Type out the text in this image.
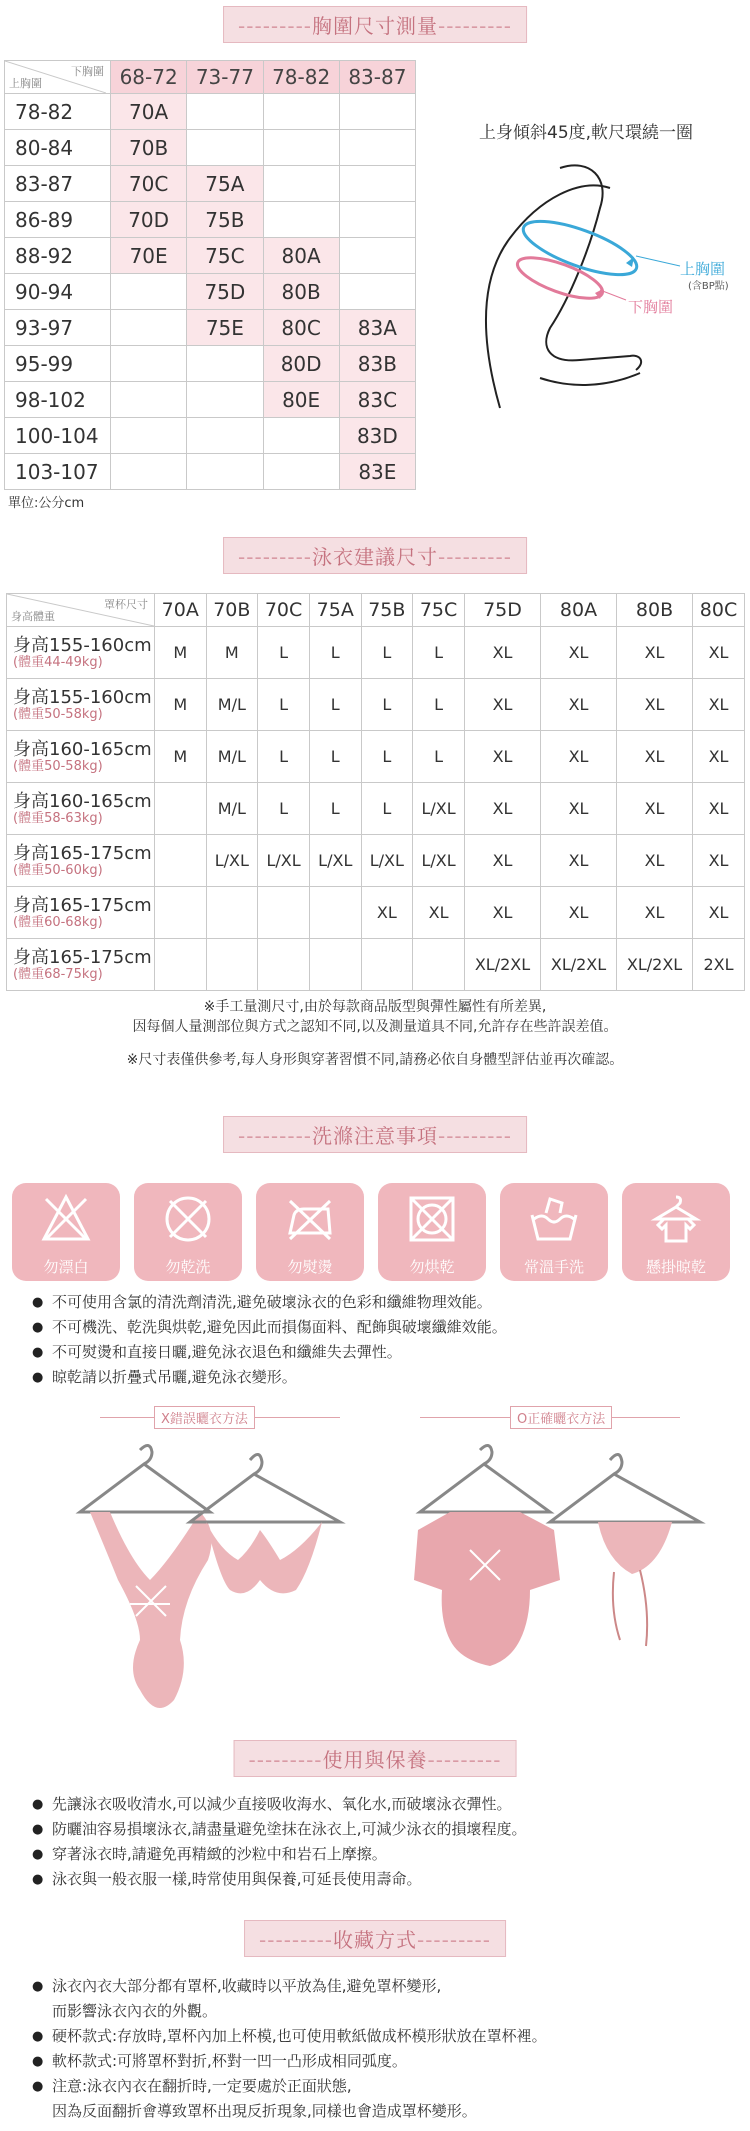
---------胸圍尺寸測量---------
下胸圍
上胸圍	68-72	73-77	78-82	83-87
78-82	70A			
80-84	70B			
83-87	70C	75A		
86-89	70D	75B		
88-92	70E	75C	80A	
90-94		75D	80B	
93-97		75E	80C	83A
95-99			80D	83B
98-102			80E	83C
100-104				83D
103-107				83E
單位:公分cm
上身傾斜45度,軟尺環繞一圈
上胸圍
(含BP點)
下胸圍
---------泳衣建議尺寸---------
罩杯尺寸
身高體重	70A	70B	70C	75A	75B	75C	75D	80A	80B	80C

身高155-160cm
(體重44-49kg)	M	M	L	L	L	L	XL	XL	XL	XL

身高155-160cm
(體重50-58kg)	M	M/L	L	L	L	L	XL	XL	XL	XL

身高160-165cm
(體重50-58kg)	M	M/L	L	L	L	L	XL	XL	XL	XL

身高160-165cm
(體重58-63kg)		M/L	L	L	L	L/XL	XL	XL	XL	XL

身高165-175cm
(體重50-60kg)		L/XL	L/XL	L/XL	L/XL	L/XL	XL	XL	XL	XL

身高165-175cm
(體重60-68kg)					XL	XL	XL	XL	XL	XL

身高165-175cm
(體重68-75kg)							XL/2XL	XL/2XL	XL/2XL	2XL
※手工量測尺寸,由於每款商品版型與彈性屬性有所差異,
因每個人量測部位與方式之認知不同,以及測量道具不同,允許存在些許誤差值。
※尺寸表僅供參考,每人身形與穿著習慣不同,請務必依自身體型評估並再次確認。
---------洗滌注意事項---------
勿漂白	勿乾洗	勿熨燙	勿烘乾	常溫手洗	懸掛晾乾
● 不可使用含氯的清洗劑清洗,避免破壞泳衣的色彩和纖維物理效能。
● 不可機洗、乾洗與烘乾,避免因此而損傷面料、配飾與破壞纖維效能。
● 不可熨燙和直接日曬,避免泳衣退色和纖維失去彈性。
● 晾乾請以折疊式吊曬,避免泳衣變形。
X錯誤曬衣方法	O正確曬衣方法
---------使用與保養---------
● 先讓泳衣吸收清水,可以減少直接吸收海水、氧化水,而破壞泳衣彈性。
● 防曬油容易損壞泳衣,請盡量避免塗抹在泳衣上,可減少泳衣的損壞程度。
● 穿著泳衣時,請避免再精緻的沙粒中和岩石上摩擦。
● 泳衣與一般衣服一樣,時常使用與保養,可延長使用壽命。
---------收藏方式---------
● 泳衣內衣大部分都有罩杯,收藏時以平放為佳,避免罩杯變形,
而影響泳衣內衣的外觀。
● 硬杯款式:存放時,罩杯內加上杯模,也可使用軟紙做成杯模形狀放在罩杯裡。
● 軟杯款式:可將罩杯對折,杯對一凹一凸形成相同弧度。
● 注意:泳衣內衣在翻折時,一定要處於正面狀態,
因為反面翻折會導致罩杯出現反折現象,同樣也會造成罩杯變形。
